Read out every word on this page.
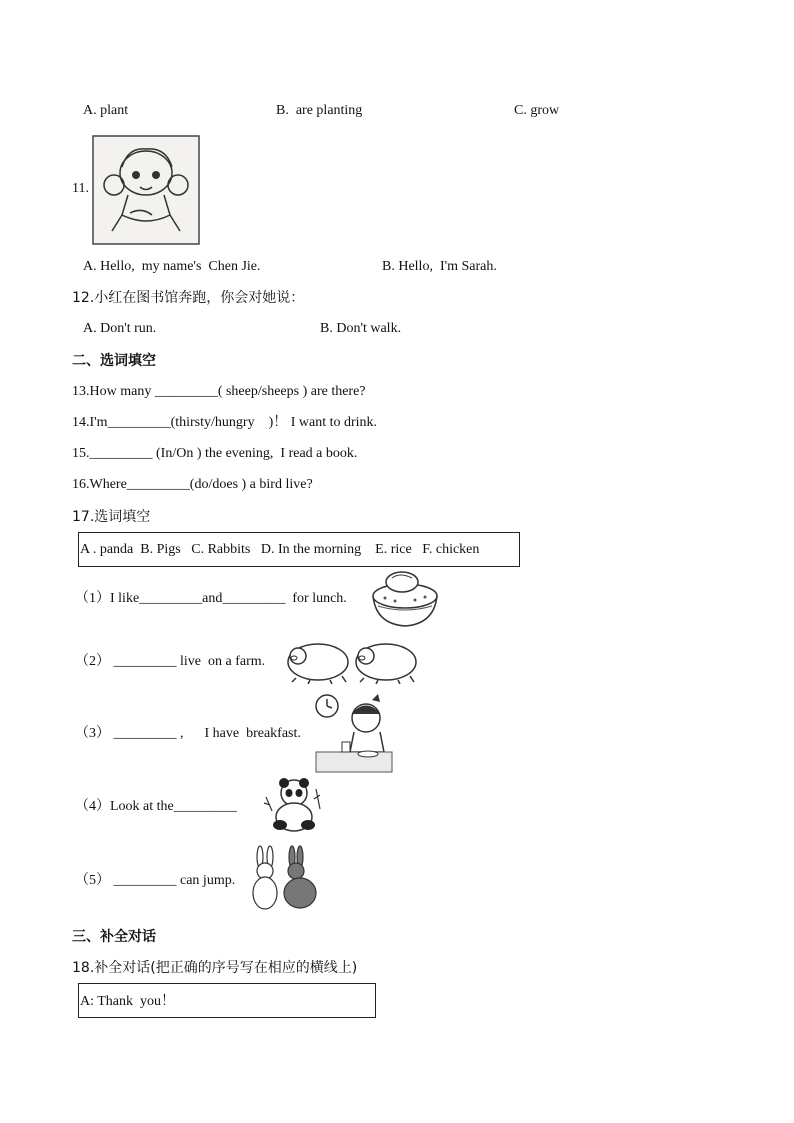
A. plant	B.  are planting	C. grow
11.
A. Hello,  my name's  Chen Jie.	B. Hello,  I'm Sarah.
12.小红在图书馆奔跑，你会对她说：
A. Don't run.	B. Don't walk.
二、选词填空
13.How many _________( sheep/sheeps ) are there?
14.I'm_________(thirsty/hungry    )！ I want to drink.
15._________ (In/On ) the evening,  I read a book.
16.Where_________(do/does ) a bird live?
17.选词填空
A . panda  B. Pigs   C. Rabbits   D. In the morning    E. rice   F. chicken
（1）I like_________and_________  for lunch.
（2） _________ live  on a farm.
（3） _________ ,      I have  breakfast.
（4）Look at the_________
（5） _________ can jump.
三、补全对话
18.补全对话(把正确的序号写在相应的横线上)
A: Thank  you！
